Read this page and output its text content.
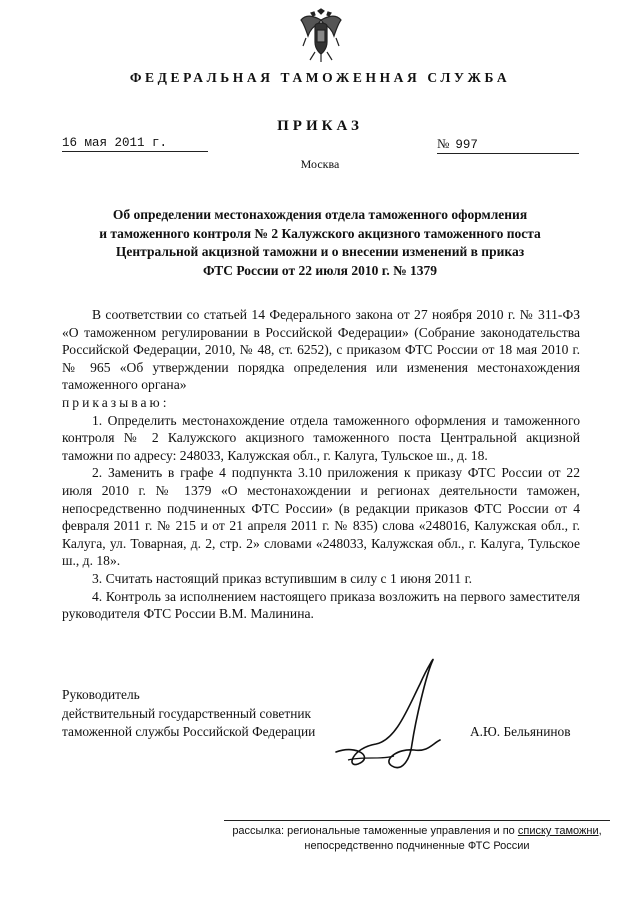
ФЕДЕРАЛЬНАЯ ТАМОЖЕННАЯ СЛУЖБА
ПРИКАЗ
16 мая 2011 г.	№ 997
Москва
Об определении местонахождения отдела таможенного оформления
и таможенного контроля № 2 Калужского акцизного таможенного поста
Центральной акцизной таможни и о внесении изменений в приказ
ФТС России от 22 июля 2010 г. № 1379

В соответствии со статьей 14 Федерального закона от 27 ноября 2010 г. № 311-ФЗ «О таможенном регулировании в Российской Федерации» (Собрание законодательства Российской Федерации, 2010, № 48, ст. 6252), с приказом ФТС России от 18 мая 2010 г. № 965 «Об утверждении порядка определения или изменения местонахождения таможенного органа»

приказываю:

1. Определить местонахождение отдела таможенного оформления и таможенного контроля № 2 Калужского акцизного таможенного поста Центральной акцизной таможни по адресу: 248033, Калужская обл., г. Калуга, Тульское ш., д. 18.

2. Заменить в графе 4 подпункта 3.10 приложения к приказу ФТС России от 22 июля 2010 г. № 1379 «О местонахождении и регионах деятельности таможен, непосредственно подчиненных ФТС России» (в редакции приказов ФТС России от 4 февраля 2011 г. № 215 и от 21 апреля 2011 г. № 835) слова «248016, Калужская обл., г. Калуга, ул. Товарная, д. 2, стр. 2» словами «248033, Калужская обл., г. Калуга, Тульское ш., д. 18».

3. Считать настоящий приказ вступившим в силу с 1 июня 2011 г.

4. Контроль за исполнением настоящего приказа возложить на первого заместителя руководителя ФТС России В.М. Малинина.

Руководитель
действительный государственный советник
таможенной службы Российской Федерации	А.Ю. Бельянинов
рассылка: региональные таможенные управления и по списку таможни,
непосредственно подчиненные ФТС России
